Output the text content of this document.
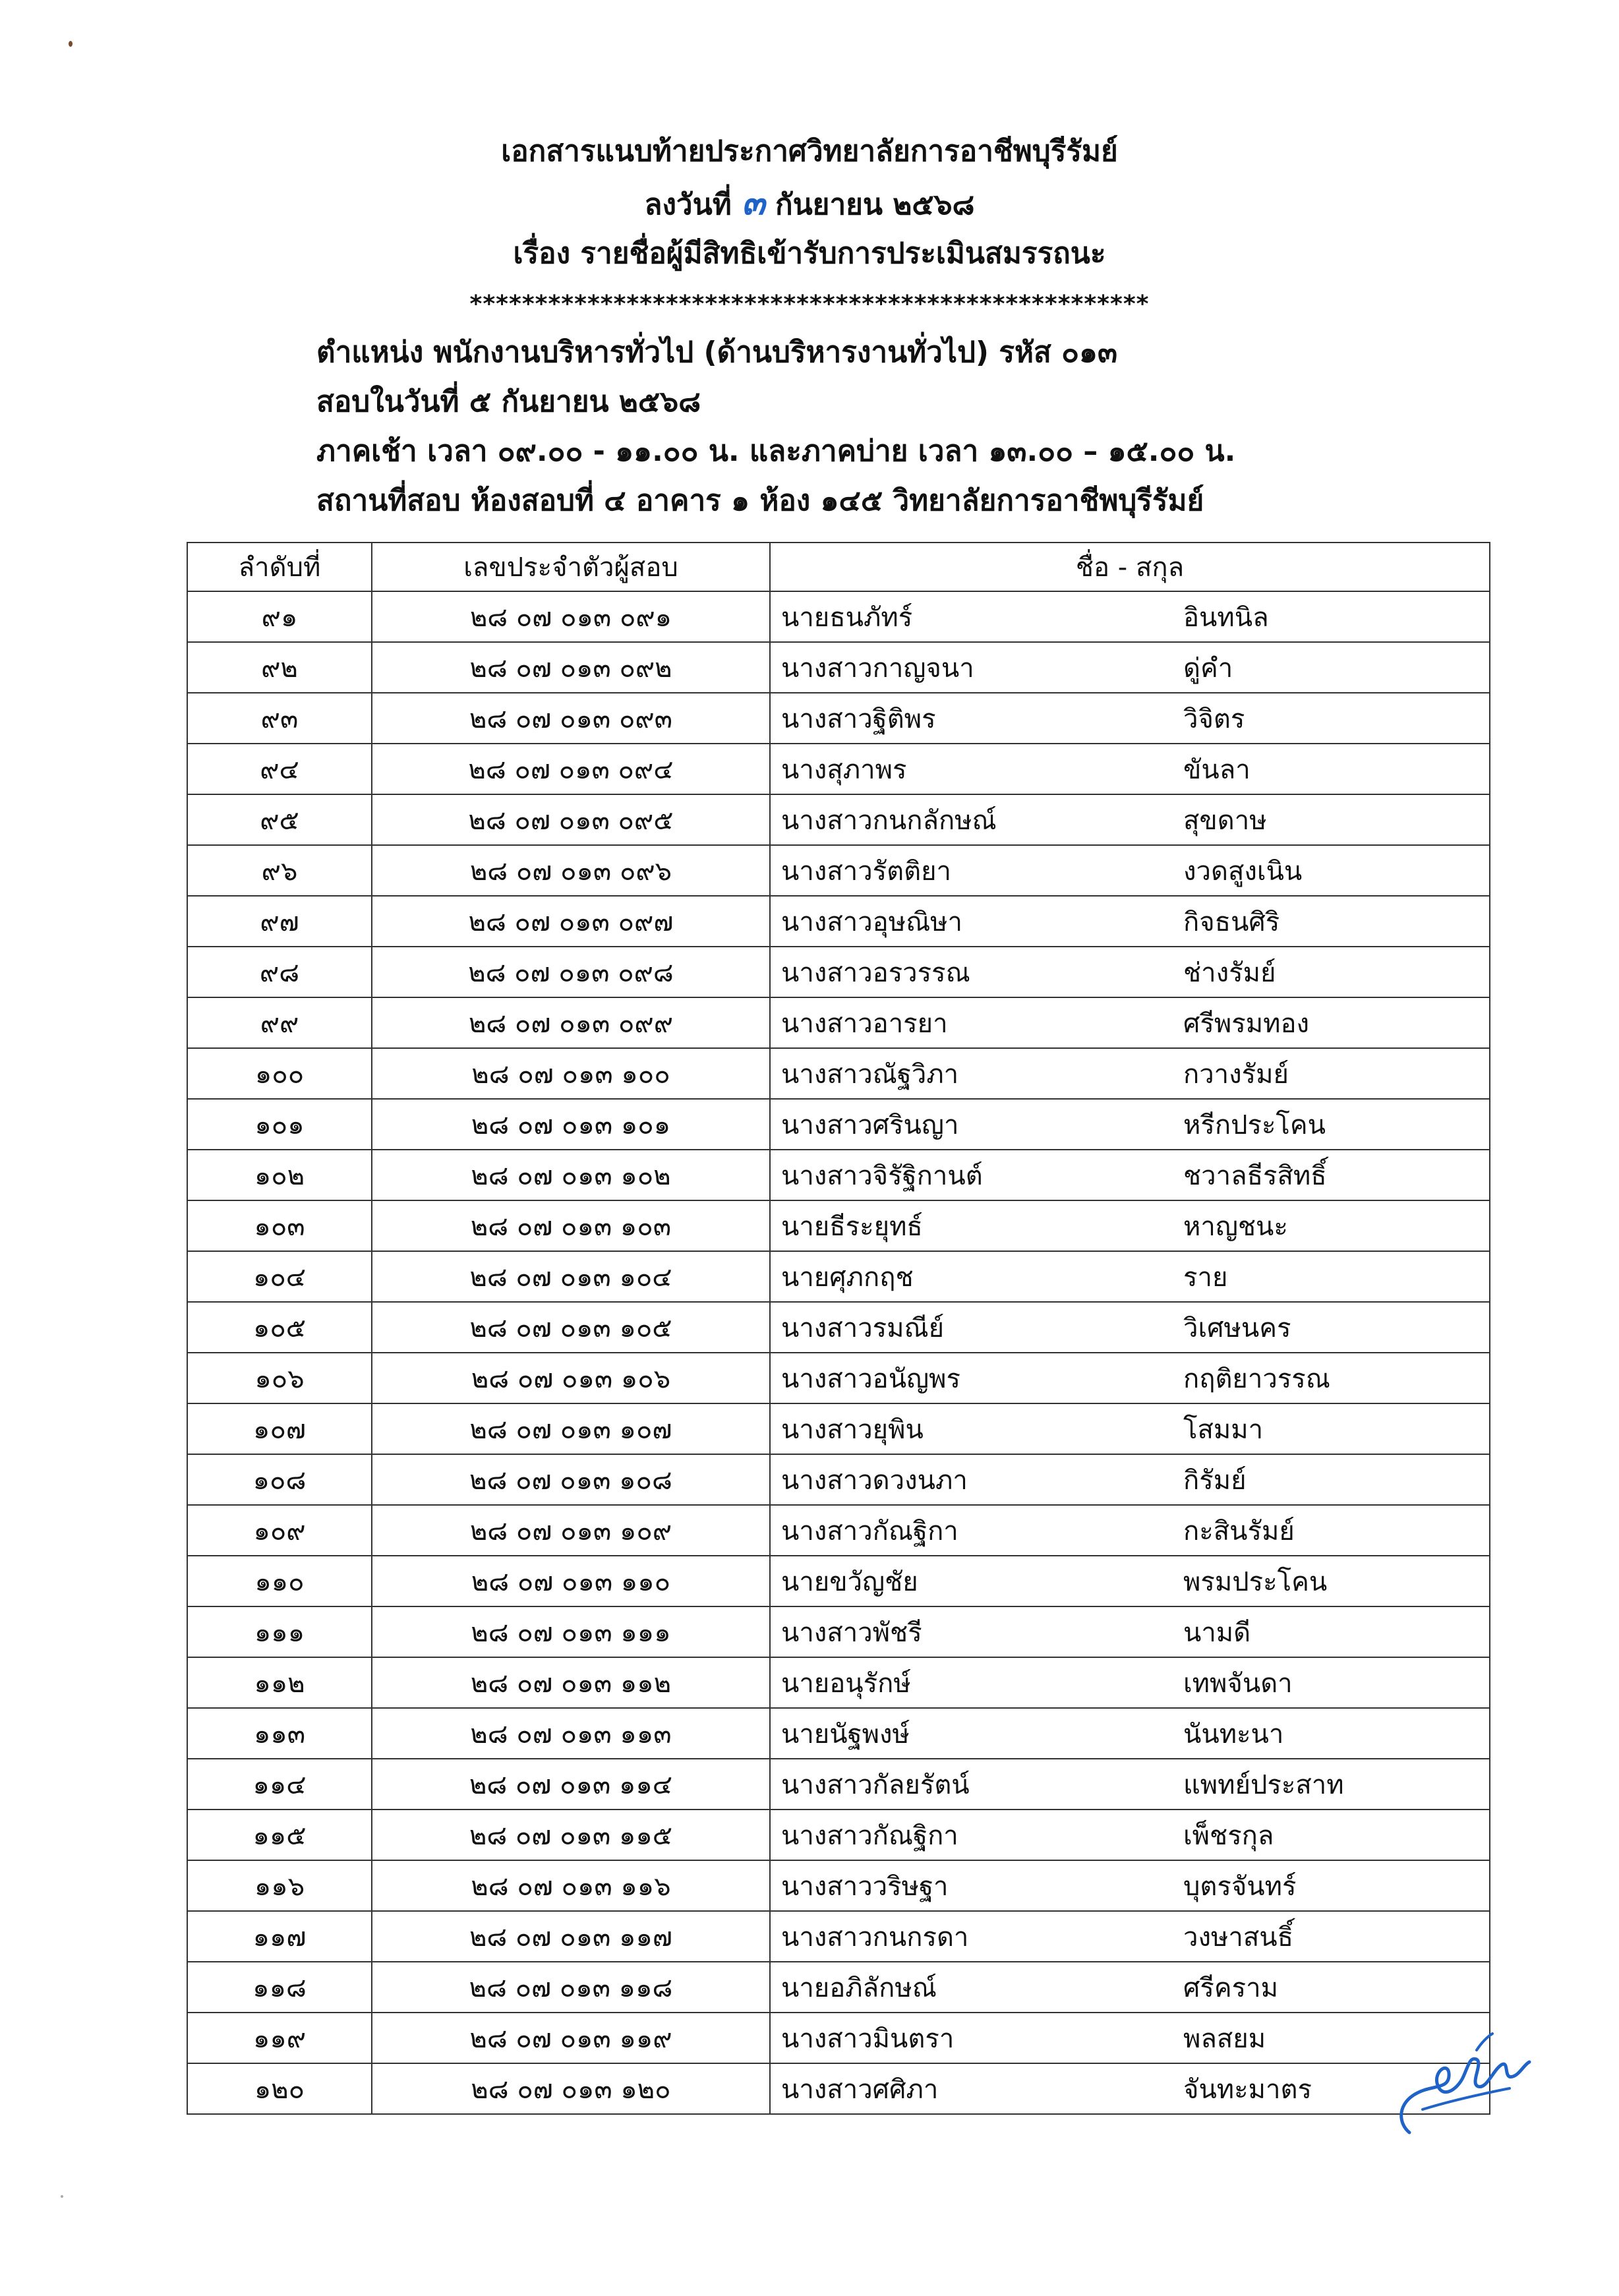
เอกสารแนบท้ายประกาศวิทยาลัยการอาชีพบุรีรัมย์
ลงวันที่ ๓ กันยายน ๒๕๖๘
เรื่อง รายชื่อผู้มีสิทธิเข้ารับการประเมินสมรรถนะ
****************************************************
ตำแหน่ง พนักงานบริหารทั่วไป (ด้านบริหารงานทั่วไป) รหัส ๐๑๓
สอบในวันที่ ๕ กันยายน ๒๕๖๘
ภาคเช้า เวลา ๐๙.๐๐ - ๑๑.๐๐ น. และภาคบ่าย เวลา ๑๓.๐๐ – ๑๕.๐๐ น.
สถานที่สอบ ห้องสอบที่ ๔ อาคาร ๑ ห้อง ๑๔๕ วิทยาลัยการอาชีพบุรีรัมย์
ลำดับที่	เลขประจำตัวผู้สอบ	ชื่อ - สกุล
๙๑	๒๘ ๐๗ ๐๑๓ ๐๙๑	นายธนภัทร์ อินทนิล
๙๒	๒๘ ๐๗ ๐๑๓ ๐๙๒	นางสาวกาญจนา ดู่คำ
๙๓	๒๘ ๐๗ ๐๑๓ ๐๙๓	นางสาวฐิติพร วิจิตร
๙๔	๒๘ ๐๗ ๐๑๓ ๐๙๔	นางสุภาพร ขันลา
๙๕	๒๘ ๐๗ ๐๑๓ ๐๙๕	นางสาวกนกลักษณ์ สุขดาษ
๙๖	๒๘ ๐๗ ๐๑๓ ๐๙๖	นางสาวรัตติยา งวดสูงเนิน
๙๗	๒๘ ๐๗ ๐๑๓ ๐๙๗	นางสาวอุษณิษา กิจธนศิริ
๙๘	๒๘ ๐๗ ๐๑๓ ๐๙๘	นางสาวอรวรรณ ช่างรัมย์
๙๙	๒๘ ๐๗ ๐๑๓ ๐๙๙	นางสาวอารยา ศรีพรมทอง
๑๐๐	๒๘ ๐๗ ๐๑๓ ๑๐๐	นางสาวณัฐวิภา กวางรัมย์
๑๐๑	๒๘ ๐๗ ๐๑๓ ๑๐๑	นางสาวศรินญา หรีกประโคน
๑๐๒	๒๘ ๐๗ ๐๑๓ ๑๐๒	นางสาวจิรัฐิกานต์ ชวาลธีรสิทธิ์
๑๐๓	๒๘ ๐๗ ๐๑๓ ๑๐๓	นายธีระยุทธ์ หาญชนะ
๑๐๔	๒๘ ๐๗ ๐๑๓ ๑๐๔	นายศุภกฤช ราย
๑๐๕	๒๘ ๐๗ ๐๑๓ ๑๐๕	นางสาวรมณีย์ วิเศษนคร
๑๐๖	๒๘ ๐๗ ๐๑๓ ๑๐๖	นางสาวอนัญพร กฤติยาวรรณ
๑๐๗	๒๘ ๐๗ ๐๑๓ ๑๐๗	นางสาวยุพิน โสมมา
๑๐๘	๒๘ ๐๗ ๐๑๓ ๑๐๘	นางสาวดวงนภา กิรัมย์
๑๐๙	๒๘ ๐๗ ๐๑๓ ๑๐๙	นางสาวกัณฐิกา กะสินรัมย์
๑๑๐	๒๘ ๐๗ ๐๑๓ ๑๑๐	นายขวัญชัย พรมประโคน
๑๑๑	๒๘ ๐๗ ๐๑๓ ๑๑๑	นางสาวพัชรี นามดี
๑๑๒	๒๘ ๐๗ ๐๑๓ ๑๑๒	นายอนุรักษ์ เทพจันดา
๑๑๓	๒๘ ๐๗ ๐๑๓ ๑๑๓	นายนัฐพงษ์ นันทะนา
๑๑๔	๒๘ ๐๗ ๐๑๓ ๑๑๔	นางสาวกัลยรัตน์ แพทย์ประสาท
๑๑๕	๒๘ ๐๗ ๐๑๓ ๑๑๕	นางสาวกัณฐิกา เพ็ชรกุล
๑๑๖	๒๘ ๐๗ ๐๑๓ ๑๑๖	นางสาววริษฐา บุตรจันทร์
๑๑๗	๒๘ ๐๗ ๐๑๓ ๑๑๗	นางสาวกนกรดา วงษาสนธิ์
๑๑๘	๒๘ ๐๗ ๐๑๓ ๑๑๘	นายอภิลักษณ์ ศรีคราม
๑๑๙	๒๘ ๐๗ ๐๑๓ ๑๑๙	นางสาวมินตรา พลสยม
๑๒๐	๒๘ ๐๗ ๐๑๓ ๑๒๐	นางสาวศศิภา จันทะมาตร
